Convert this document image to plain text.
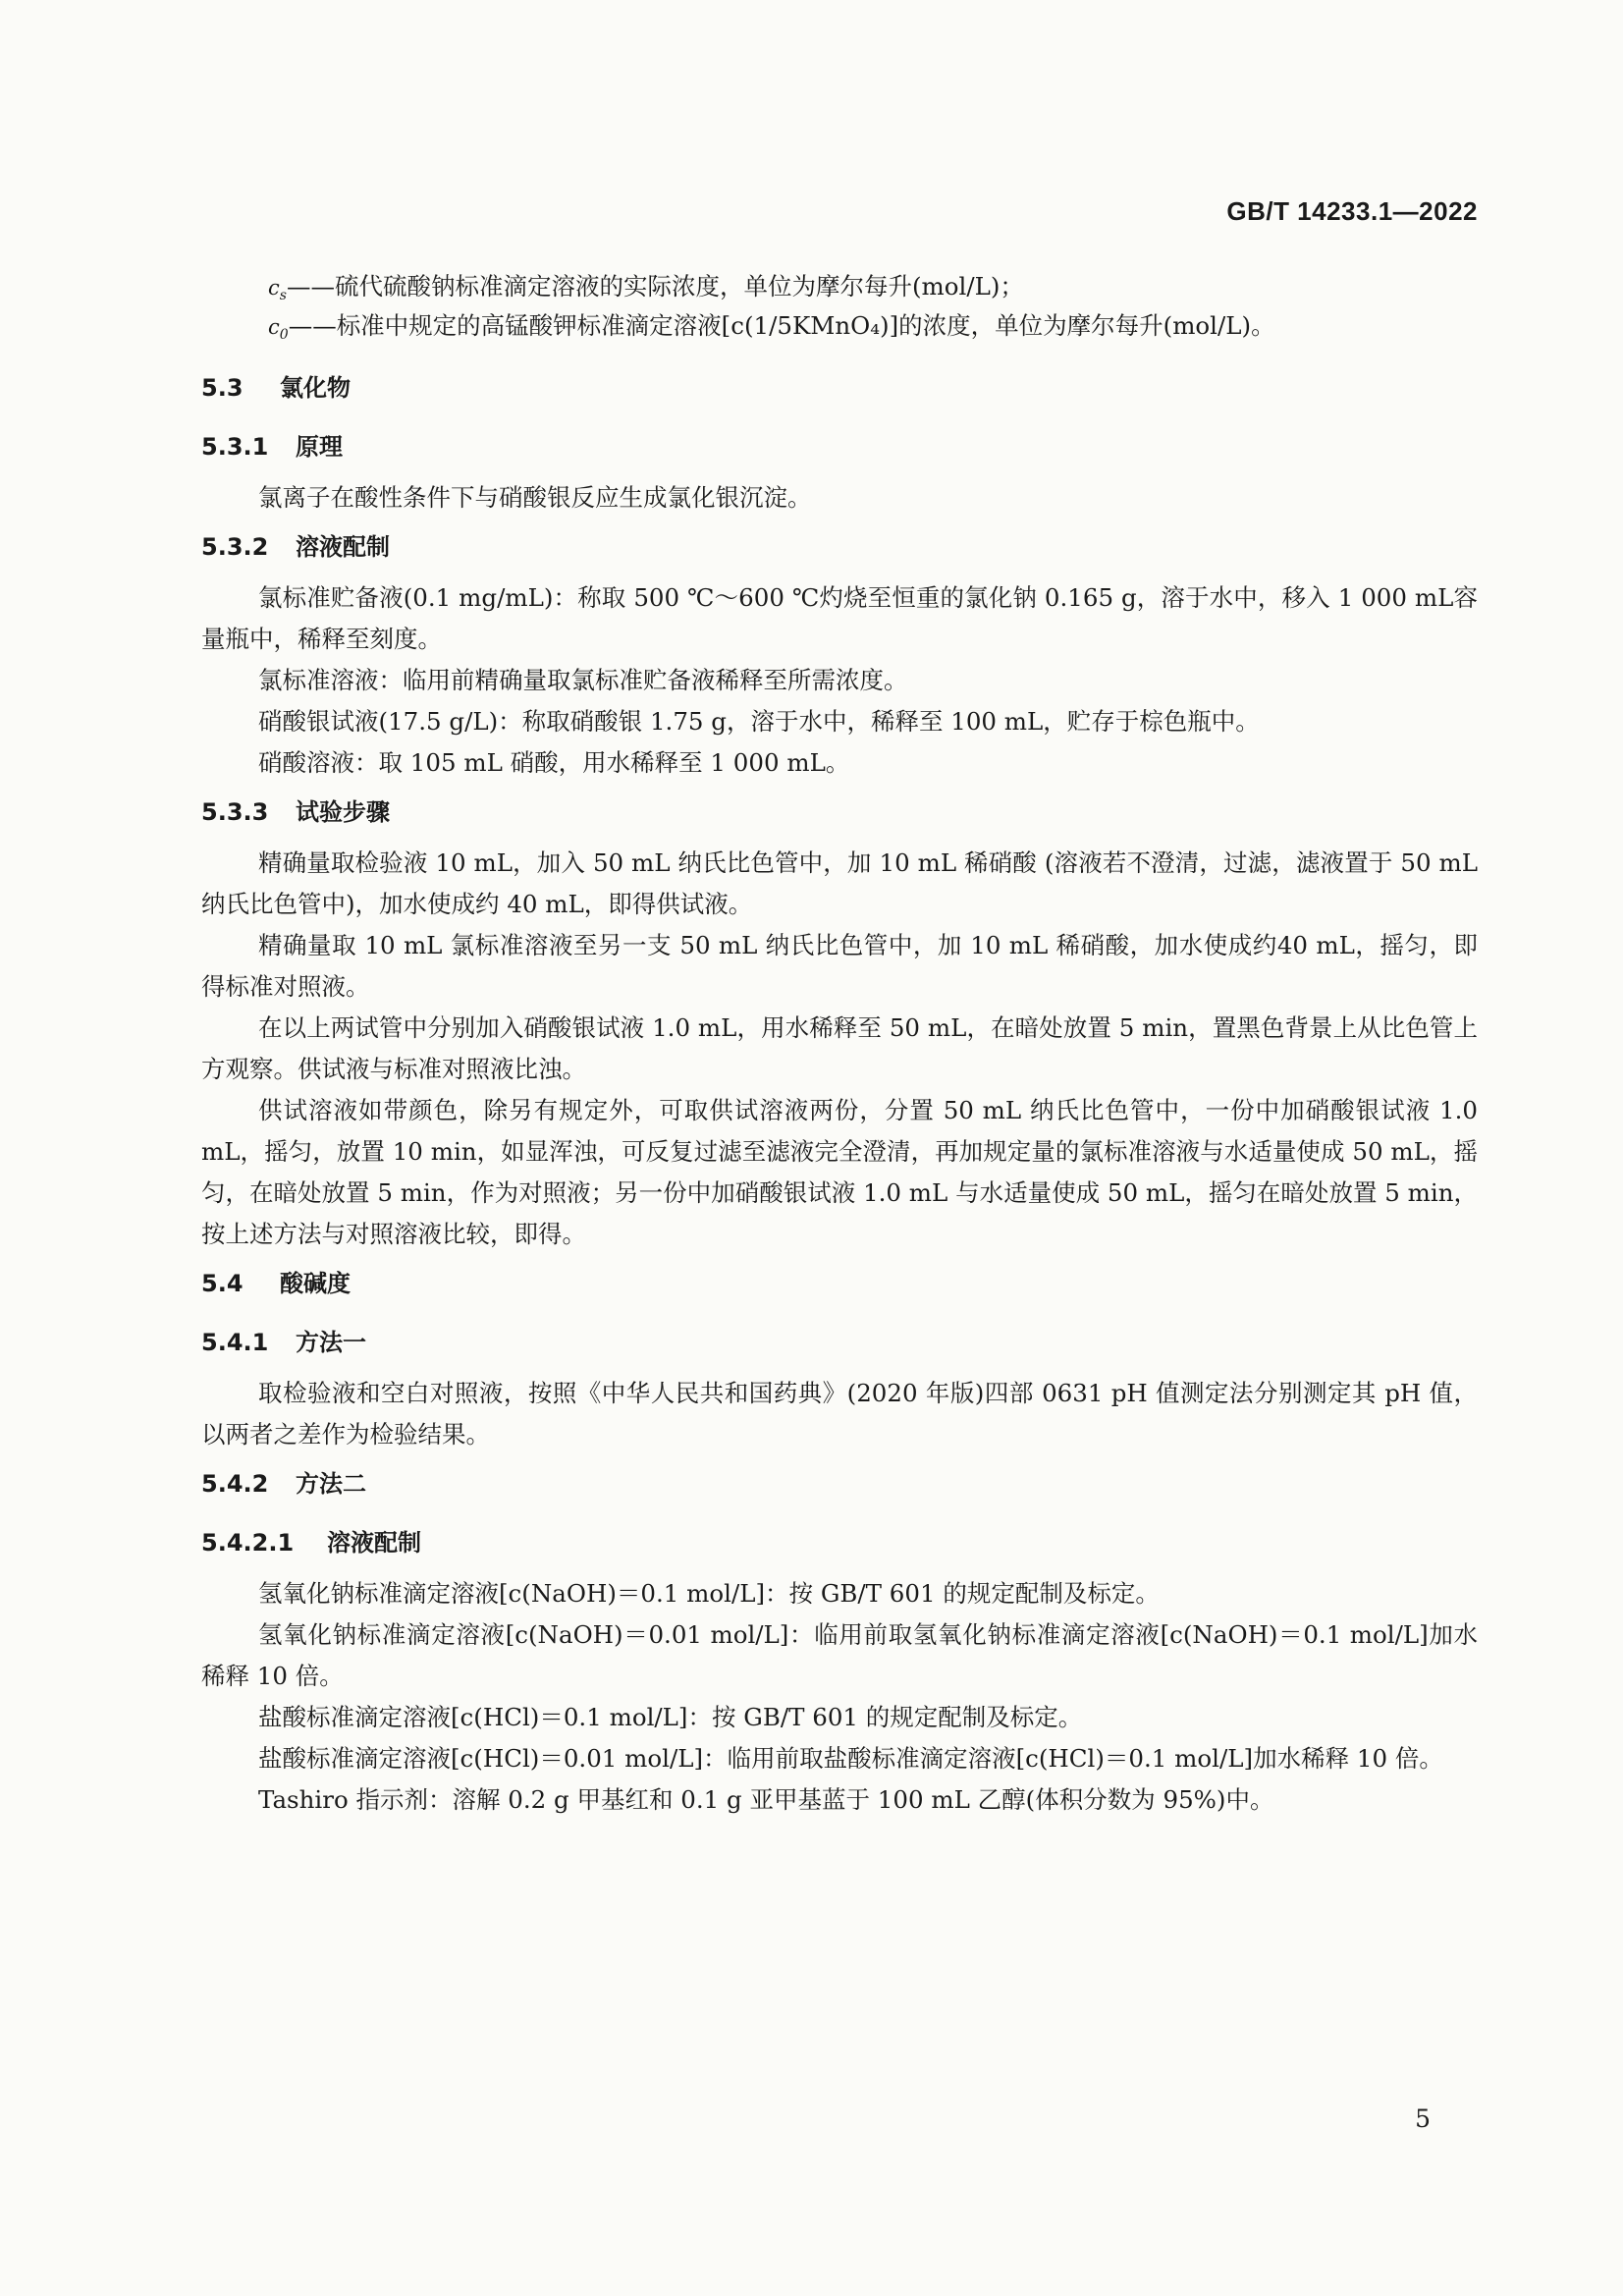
GB/T 14233.1—2022
$c_s——$硫代硫酸钠标准滴定溶液的实际浓度，单位为摩尔每升(mol/L)；
$c_0——$标准中规定的高锰酸钾标准滴定溶液[c(1/5KMnO₄)]的浓度，单位为摩尔每升(mol/L)。

5.3 氯化物

5.3.1 原理

氯离子在酸性条件下与硝酸银反应生成氯化银沉淀。

5.3.2 溶液配制

氯标准贮备液(0.1 mg/mL)：称取 500 ℃～600 ℃灼烧至恒重的氯化钠 0.165 g，溶于水中，移入 1 000 mL容量瓶中，稀释至刻度。

氯标准溶液：临用前精确量取氯标准贮备液稀释至所需浓度。

硝酸银试液(17.5 g/L)：称取硝酸银 1.75 g，溶于水中，稀释至 100 mL，贮存于棕色瓶中。

硝酸溶液：取 105 mL 硝酸，用水稀释至 1 000 mL。

5.3.3 试验步骤

精确量取检验液 10 mL，加入 50 mL 纳氏比色管中，加 10 mL 稀硝酸 (溶液若不澄清，过滤，滤液置于 50 mL 纳氏比色管中)，加水使成约 40 mL，即得供试液。

精确量取 10 mL 氯标准溶液至另一支 50 mL 纳氏比色管中，加 10 mL 稀硝酸，加水使成约40 mL，摇匀，即得标准对照液。

在以上两试管中分别加入硝酸银试液 1.0 mL，用水稀释至 50 mL，在暗处放置 5 min，置黑色背景上从比色管上方观察。供试液与标准对照液比浊。

供试溶液如带颜色，除另有规定外，可取供试溶液两份，分置 50 mL 纳氏比色管中，一份中加硝酸银试液 1.0 mL，摇匀，放置 10 min，如显浑浊，可反复过滤至滤液完全澄清，再加规定量的氯标准溶液与水适量使成 50 mL，摇匀，在暗处放置 5 min，作为对照液；另一份中加硝酸银试液 1.0 mL 与水适量使成 50 mL，摇匀在暗处放置 5 min，按上述方法与对照溶液比较，即得。

5.4 酸碱度

5.4.1 方法一

取检验液和空白对照液，按照《中华人民共和国药典》(2020 年版)四部 0631 pH 值测定法分别测定其 pH 值，以两者之差作为检验结果。

5.4.2 方法二

5.4.2.1 溶液配制

氢氧化钠标准滴定溶液[c(NaOH)＝0.1 mol/L]：按 GB/T 601 的规定配制及标定。

氢氧化钠标准滴定溶液[c(NaOH)＝0.01 mol/L]：临用前取氢氧化钠标准滴定溶液[c(NaOH)＝0.1 mol/L]加水稀释 10 倍。

盐酸标准滴定溶液[c(HCl)＝0.1 mol/L]：按 GB/T 601 的规定配制及标定。

盐酸标准滴定溶液[c(HCl)＝0.01 mol/L]：临用前取盐酸标准滴定溶液[c(HCl)＝0.1 mol/L]加水稀释 10 倍。

Tashiro 指示剂：溶解 0.2 g 甲基红和 0.1 g 亚甲基蓝于 100 mL 乙醇(体积分数为 95%)中。

5
